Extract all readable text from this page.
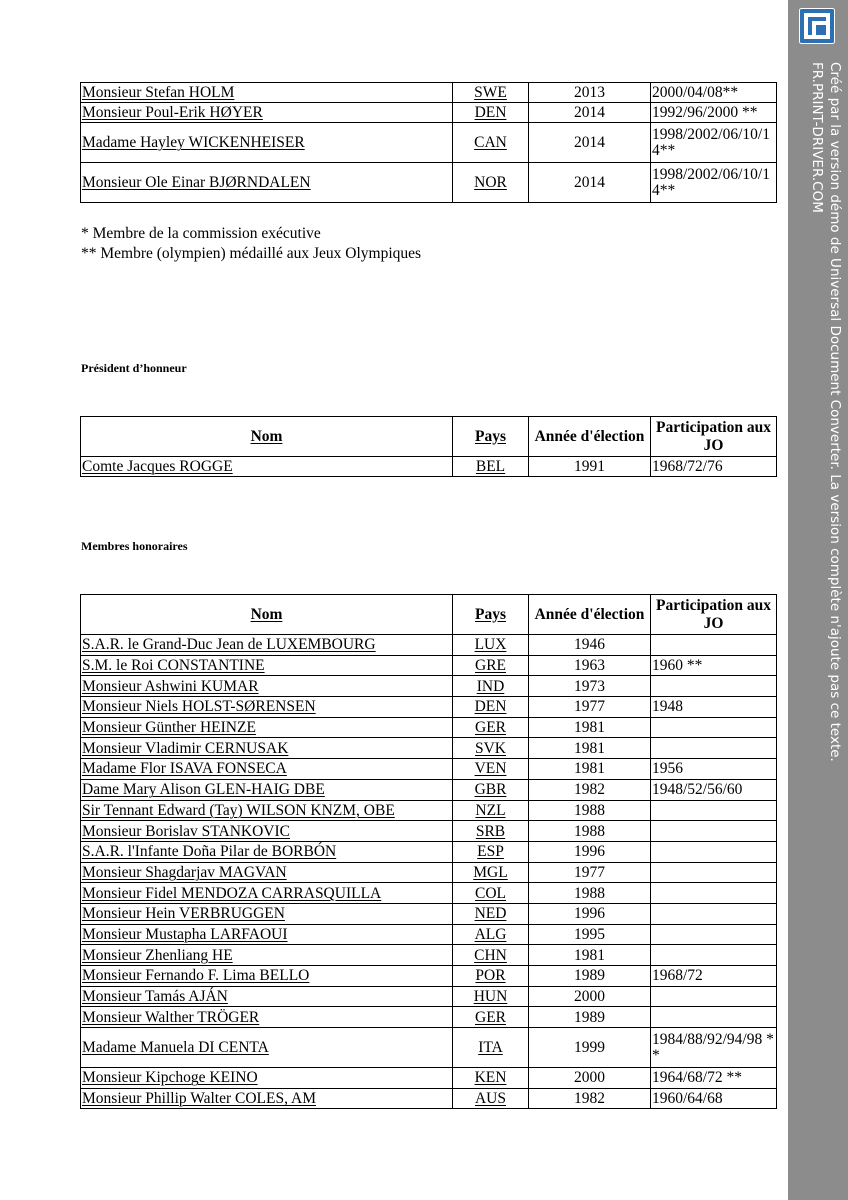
Monsieur Stefan HOLM	SWE	2013	2000/04/08**
Monsieur Poul-Erik HØYER	DEN	2014	1992/96/2000 **
Madame Hayley WICKENHEISER	CAN	2014	1998/2002/06/10/14**
Monsieur Ole Einar BJØRNDALEN	NOR	2014	1998/2002/06/10/14**
* Membre de la commission exécutive
** Membre (olympien) médaillé aux Jeux Olympiques
Président d’honneur
Nom	Pays	Année d'élection	Participation aux JO
Comte Jacques ROGGE	BEL	1991	1968/72/76
Membres honoraires
Nom	Pays	Année d'élection	Participation aux JO
S.A.R. le Grand-Duc Jean de LUXEMBOURG	LUX	1946	
S.M. le Roi CONSTANTINE	GRE	1963	1960 **
Monsieur Ashwini KUMAR	IND	1973	
Monsieur Niels HOLST-SØRENSEN	DEN	1977	1948
Monsieur Günther HEINZE	GER	1981	
Monsieur Vladimir CERNUSAK	SVK	1981	
Madame Flor ISAVA FONSECA	VEN	1981	1956
Dame Mary Alison GLEN-HAIG DBE	GBR	1982	1948/52/56/60
Sir Tennant Edward (Tay) WILSON KNZM, OBE	NZL	1988	
Monsieur Borislav STANKOVIC	SRB	1988	
S.A.R. l'Infante Doña Pilar de BORBÓN	ESP	1996	
Monsieur Shagdarjav MAGVAN	MGL	1977	
Monsieur Fidel MENDOZA CARRASQUILLA	COL	1988	
Monsieur Hein VERBRUGGEN	NED	1996	
Monsieur Mustapha LARFAOUI	ALG	1995	
Monsieur Zhenliang HE	CHN	1981	
Monsieur Fernando F. Lima BELLO	POR	1989	1968/72
Monsieur Tamás AJÁN	HUN	2000	
Monsieur Walther TRÖGER	GER	1989	
Madame Manuela DI CENTA	ITA	1999	1984/88/92/94/98 **
Monsieur Kipchoge KEINO	KEN	2000	1964/68/72 **
Monsieur Phillip Walter COLES, AM	AUS	1982	1960/64/68
Créé par la version démo de Universal Document Converter. La version complète n'ajoute pas ce texte.
FR.PRINT-DRIVER.COM
